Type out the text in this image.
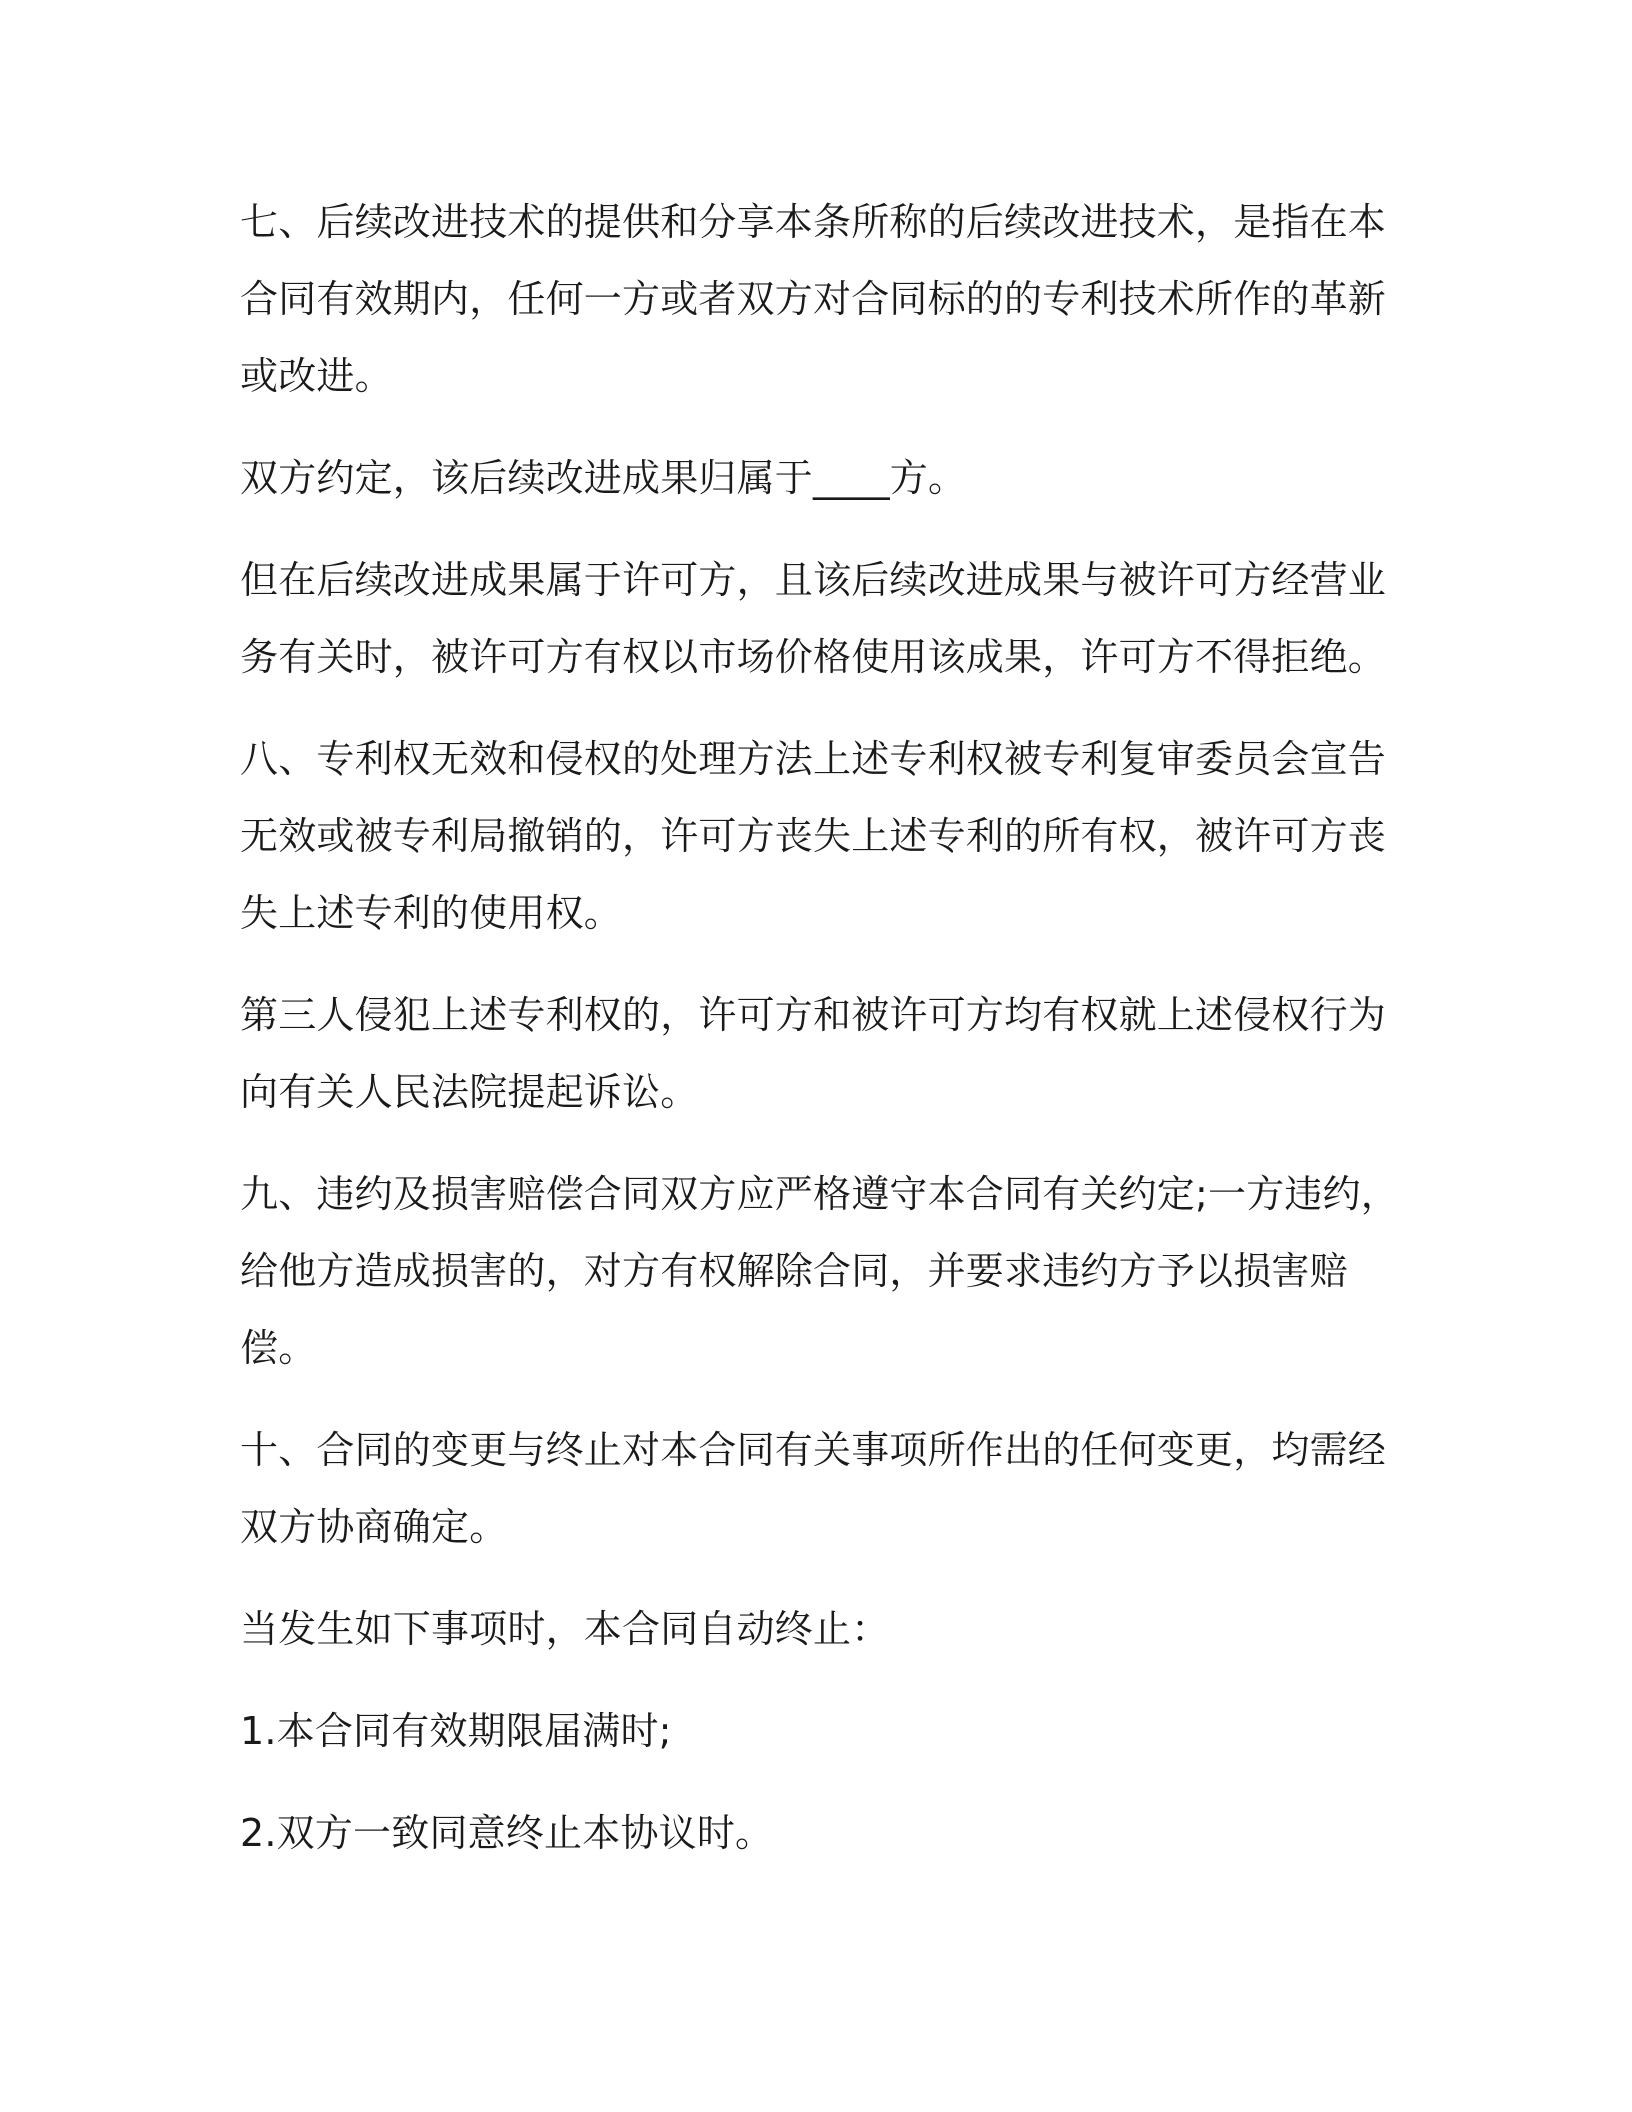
七、后续改进技术的提供和分享本条所称的后续改进技术，是指在本合同有效期内，任何一方或者双方对合同标的的专利技术所作的革新或改进。

双方约定，该后续改进成果归属于____方。

但在后续改进成果属于许可方，且该后续改进成果与被许可方经营业务有关时，被许可方有权以市场价格使用该成果，许可方不得拒绝。

八、专利权无效和侵权的处理方法上述专利权被专利复审委员会宣告无效或被专利局撤销的，许可方丧失上述专利的所有权，被许可方丧失上述专利的使用权。

第三人侵犯上述专利权的，许可方和被许可方均有权就上述侵权行为向有关人民法院提起诉讼。

九、违约及损害赔偿合同双方应严格遵守本合同有关约定;一方违约，给他方造成损害的，对方有权解除合同，并要求违约方予以损害赔偿。

十、合同的变更与终止对本合同有关事项所作出的任何变更，均需经双方协商确定。

当发生如下事项时，本合同自动终止：

1.本合同有效期限届满时;

2.双方一致同意终止本协议时。
